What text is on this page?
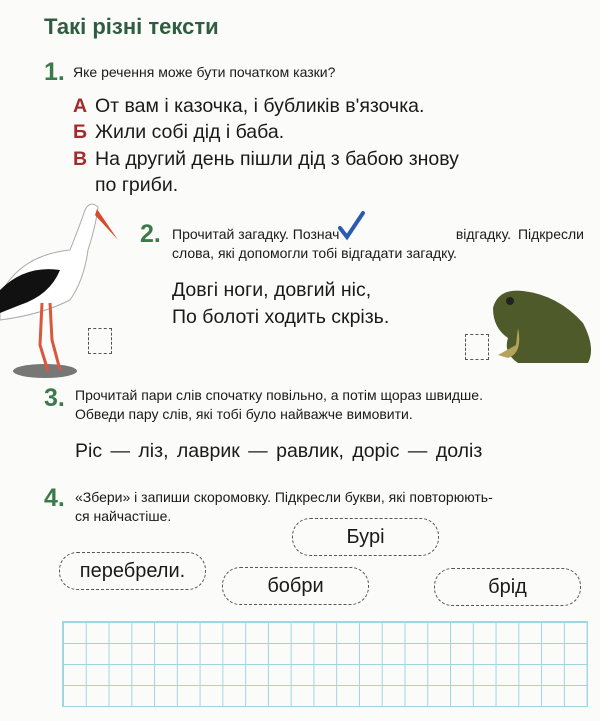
Такі різні тексти
1. Яке речення може бути початком казки?
А От вам і казочка, і бубликів в'язочка.
Б Жили собі дід і баба.
В На другий день пішли дід з бабою знову
по гриби.
2. Прочитай загадку. Познач	відгадку. Підкресли
слова, які допомогли тобі відгадати загадку.
Довгі ноги, довгий ніс,
По болоті ходить скрізь.
3. Прочитай пари слів спочатку повільно, а потім щораз швидше.
Обведи пару слів, які тобі було найважче вимовити.
Ріс — ліз, лаврик — равлик, доріс — доліз
4. «Збери» і запиши скоромовку. Підкресли букви, які повторюють-
ся найчастіше.
Бурі
перебрели.
бобри	брід
